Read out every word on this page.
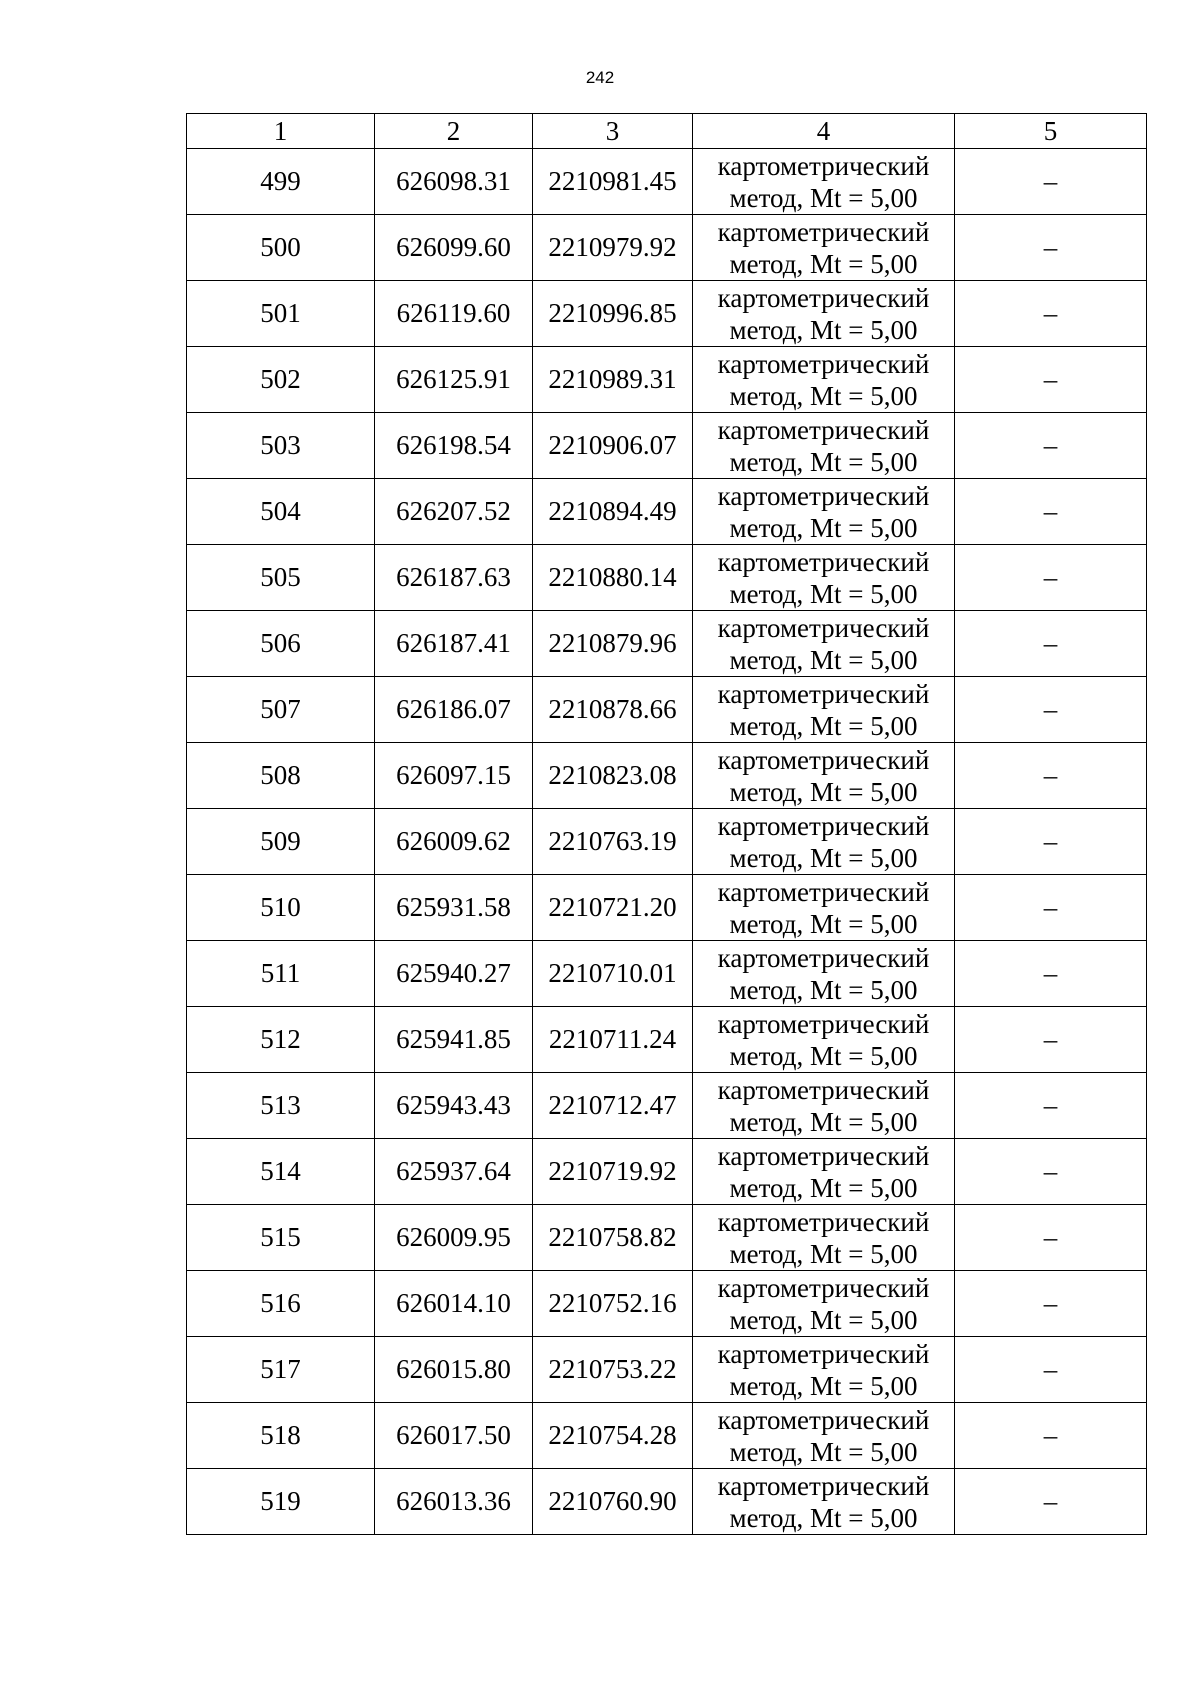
242
1	2	3	4	5
499	626098.31	2210981.45	картометрический
метод, Mt = 5,00	–
500	626099.60	2210979.92	картометрический
метод, Mt = 5,00	–
501	626119.60	2210996.85	картометрический
метод, Mt = 5,00	–
502	626125.91	2210989.31	картометрический
метод, Mt = 5,00	–
503	626198.54	2210906.07	картометрический
метод, Mt = 5,00	–
504	626207.52	2210894.49	картометрический
метод, Mt = 5,00	–
505	626187.63	2210880.14	картометрический
метод, Mt = 5,00	–
506	626187.41	2210879.96	картометрический
метод, Mt = 5,00	–
507	626186.07	2210878.66	картометрический
метод, Mt = 5,00	–
508	626097.15	2210823.08	картометрический
метод, Mt = 5,00	–
509	626009.62	2210763.19	картометрический
метод, Mt = 5,00	–
510	625931.58	2210721.20	картометрический
метод, Mt = 5,00	–
511	625940.27	2210710.01	картометрический
метод, Mt = 5,00	–
512	625941.85	2210711.24	картометрический
метод, Mt = 5,00	–
513	625943.43	2210712.47	картометрический
метод, Mt = 5,00	–
514	625937.64	2210719.92	картометрический
метод, Mt = 5,00	–
515	626009.95	2210758.82	картометрический
метод, Mt = 5,00	–
516	626014.10	2210752.16	картометрический
метод, Mt = 5,00	–
517	626015.80	2210753.22	картометрический
метод, Mt = 5,00	–
518	626017.50	2210754.28	картометрический
метод, Mt = 5,00	–
519	626013.36	2210760.90	картометрический
метод, Mt = 5,00	–
